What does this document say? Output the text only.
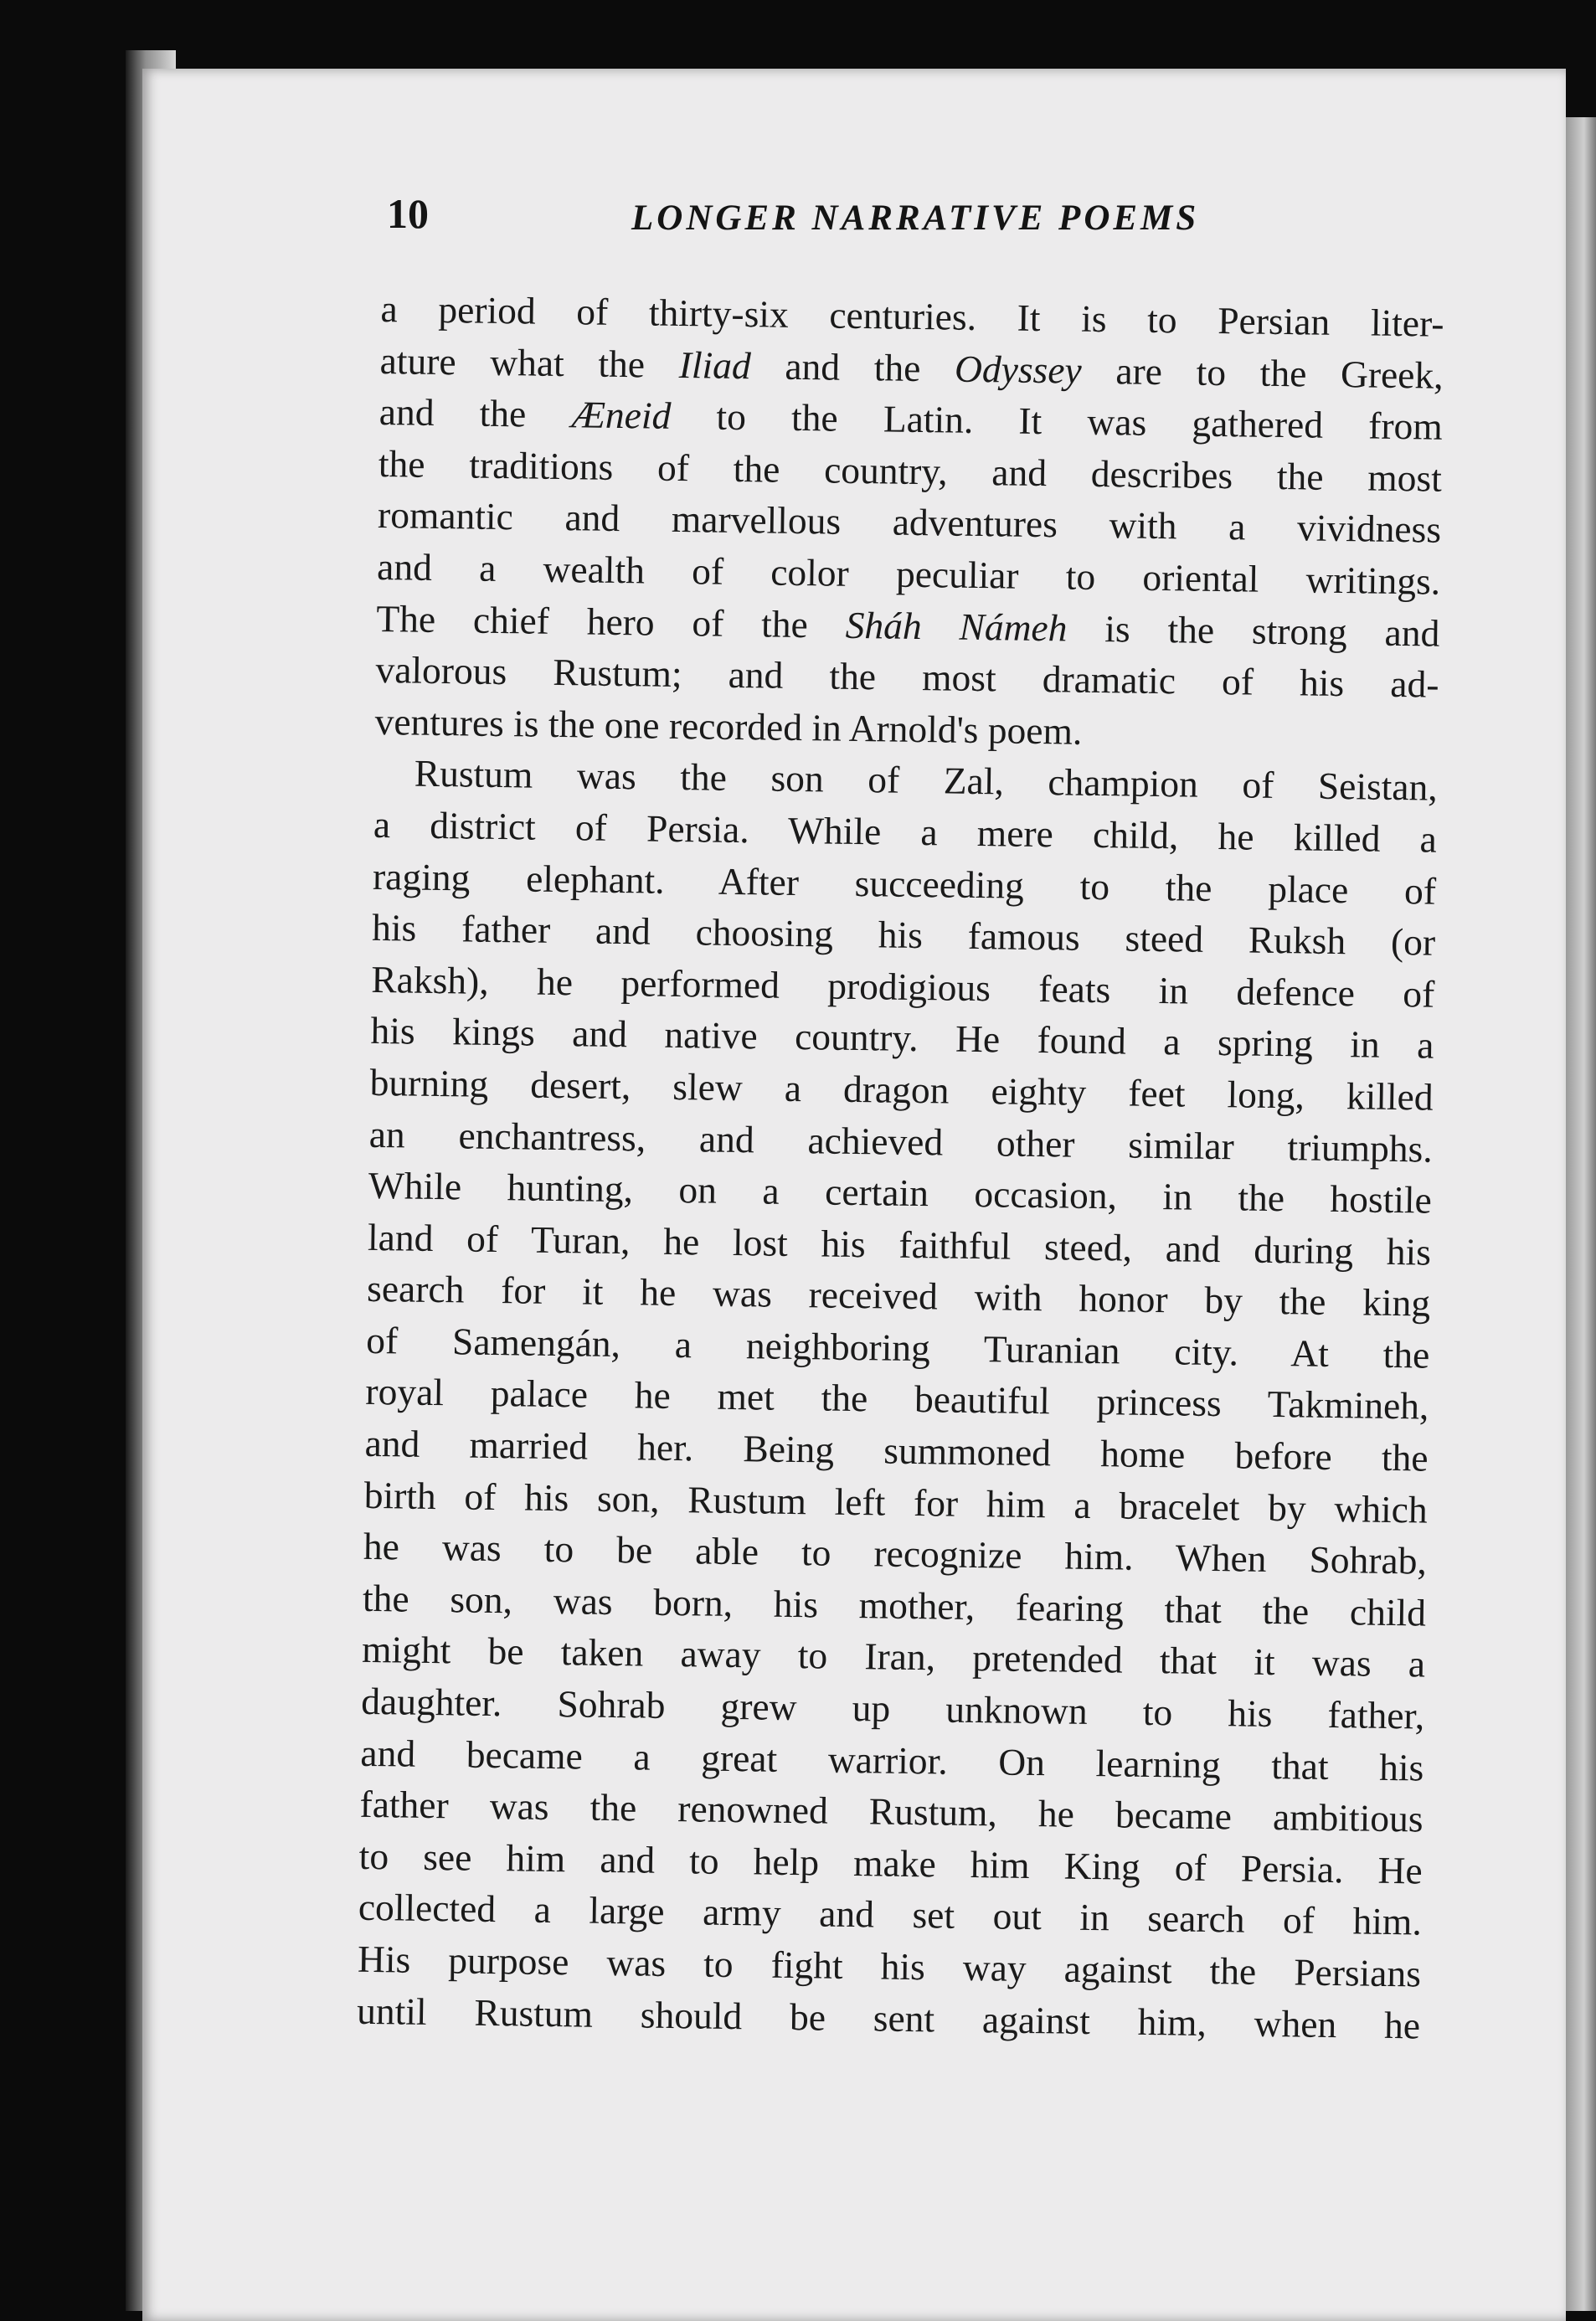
10	LONGER NARRATIVE POEMS
a period of thirty-six centuries. It is to Persian liter-
ature what the Iliad and the Odyssey are to the Greek,
and the Æneid to the Latin. It was gathered from
the traditions of the country, and describes the most
romantic and marvellous adventures with a vividness
and a wealth of color peculiar to oriental writings.
The chief hero of the Sháh Námeh is the strong and
valorous Rustum; and the most dramatic of his ad-
ventures is the one recorded in Arnold's poem.
Rustum was the son of Zal, champion of Seistan,
a district of Persia. While a mere child, he killed a
raging elephant. After succeeding to the place of
his father and choosing his famous steed Ruksh (or
Raksh), he performed prodigious feats in defence of
his kings and native country. He found a spring in a
burning desert, slew a dragon eighty feet long, killed
an enchantress, and achieved other similar triumphs.
While hunting, on a certain occasion, in the hostile
land of Turan, he lost his faithful steed, and during his
search for it he was received with honor by the king
of Samengán, a neighboring Turanian city. At the
royal palace he met the beautiful princess Takmineh,
and married her. Being summoned home before the
birth of his son, Rustum left for him a bracelet by which
he was to be able to recognize him. When Sohrab,
the son, was born, his mother, fearing that the child
might be taken away to Iran, pretended that it was a
daughter. Sohrab grew up unknown to his father,
and became a great warrior. On learning that his
father was the renowned Rustum, he became ambitious
to see him and to help make him King of Persia. He
collected a large army and set out in search of him.
His purpose was to fight his way against the Persians
until Rustum should be sent against him, when he
